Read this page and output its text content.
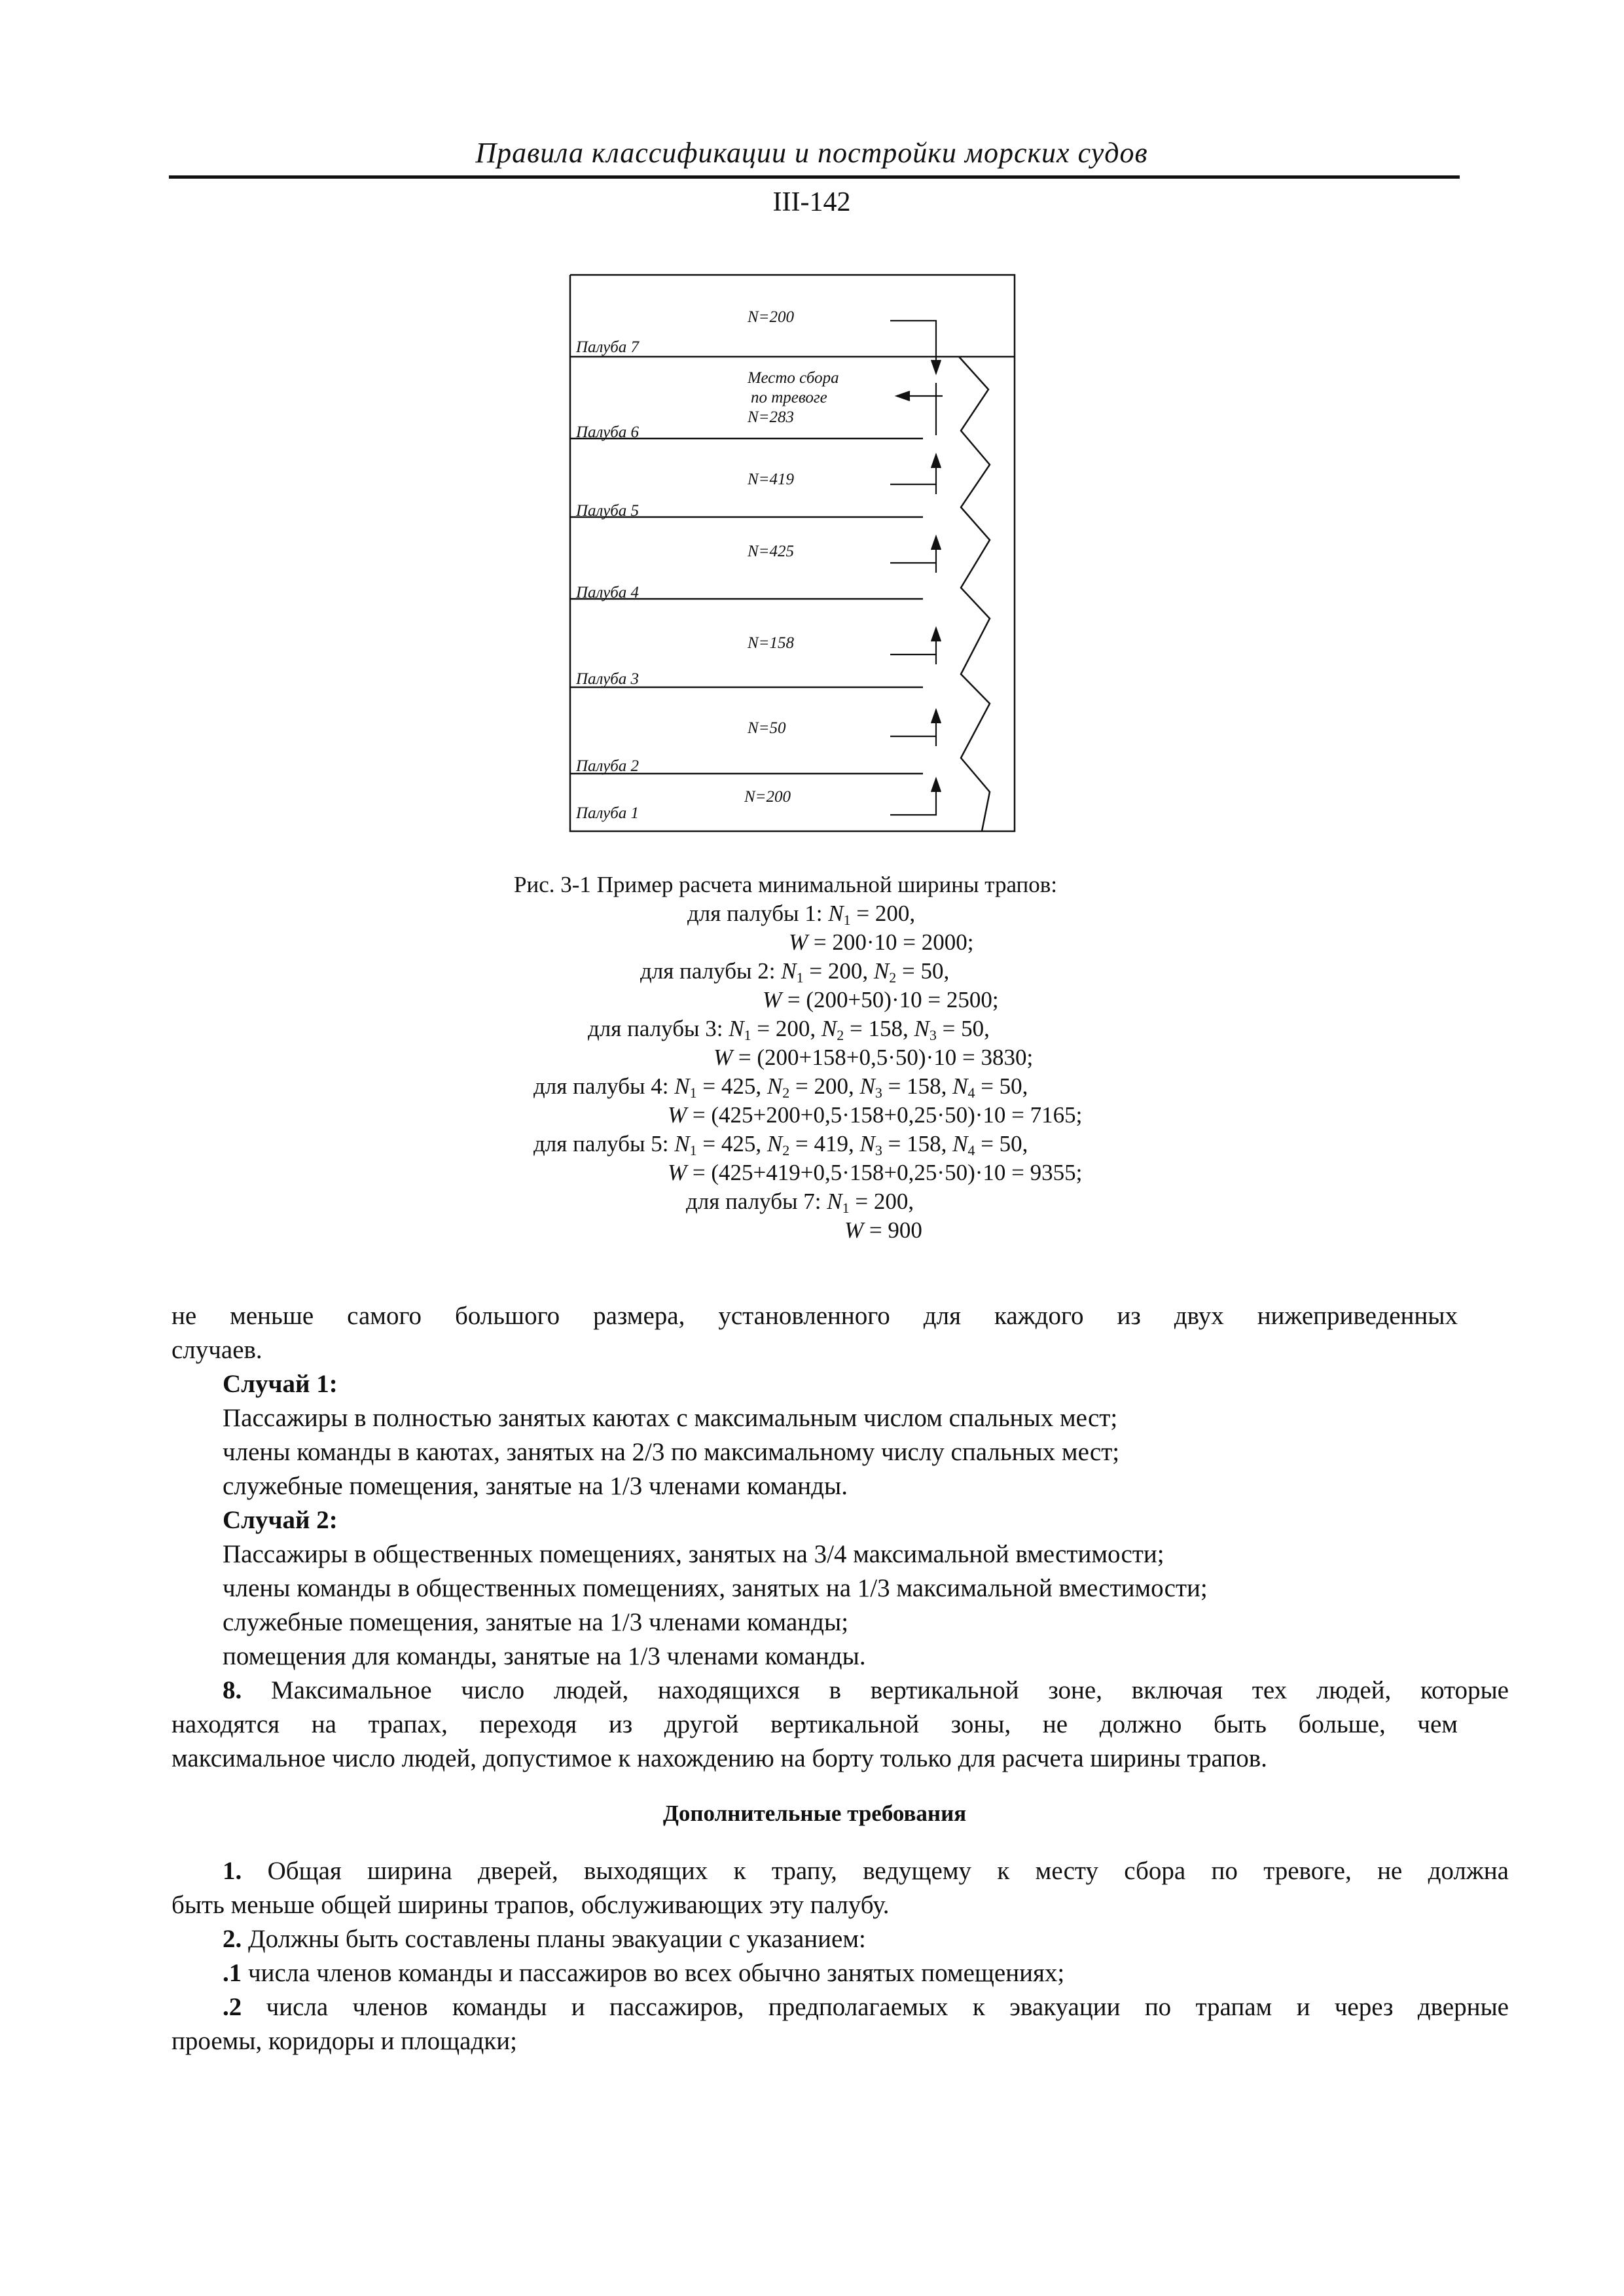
Правила классификации и постройки морских судов
III-142
Палуба 7
Палуба 6
Палуба 5
Палуба 4
Палуба 3
Палуба 2
Палуба 1
N=200
Место сбора
по тревоге
N=283
N=419
N=425
N=158
N=50
N=200
Рис. 3-1 Пример расчета минимальной ширины трапов:
для палубы 1: $N_1 = 200$,
W = 200·10 = 2000;
для палубы 2: $N_1 = 200$, $N_2 = 50$,
W = (200+50)·10 = 2500;
для палубы 3: $N_1 = 200$, $N_2 = 158$, $N_3 = 50$,
W = (200+158+0,5·50)·10 = 3830;
для палубы 4: $N_1 = 425$, $N_2 = 200$, $N_3 = 158$, $N_4 = 50$,
W = (425+200+0,5·158+0,25·50)·10 = 7165;
для палубы 5: $N_1 = 425$, $N_2 = 419$, $N_3 = 158$, $N_4 = 50$,
W = (425+419+0,5·158+0,25·50)·10 = 9355;
для палубы 7: $N_1 = 200$,
W = 900
не меньше самого большого размера, установленного для каждого из двух нижеприведенных
случаев.
Случай 1:
Пассажиры в полностью занятых каютах с максимальным числом спальных мест;
члены команды в каютах, занятых на 2/3 по максимальному числу спальных мест;
служебные помещения, занятые на 1/3 членами команды.
Случай 2:
Пассажиры в общественных помещениях, занятых на 3/4 максимальной вместимости;
члены команды в общественных помещениях, занятых на 1/3 максимальной вместимости;
служебные помещения, занятые на 1/3 членами команды;
помещения для команды, занятые на 1/3 членами команды.
8. Максимальное число людей, находящихся в вертикальной зоне, включая тех людей, которые
находятся на трапах, переходя из другой вертикальной зоны, не должно быть больше, чем
максимальное число людей, допустимое к нахождению на борту только для расчета ширины трапов.
Дополнительные требования
1. Общая ширина дверей, выходящих к трапу, ведущему к месту сбора по тревоге, не должна
быть меньше общей ширины трапов, обслуживающих эту палубу.
2. Должны быть составлены планы эвакуации с указанием:
.1 числа членов команды и пассажиров во всех обычно занятых помещениях;
.2 числа членов команды и пассажиров, предполагаемых к эвакуации по трапам и через дверные
проемы, коридоры и площадки;
